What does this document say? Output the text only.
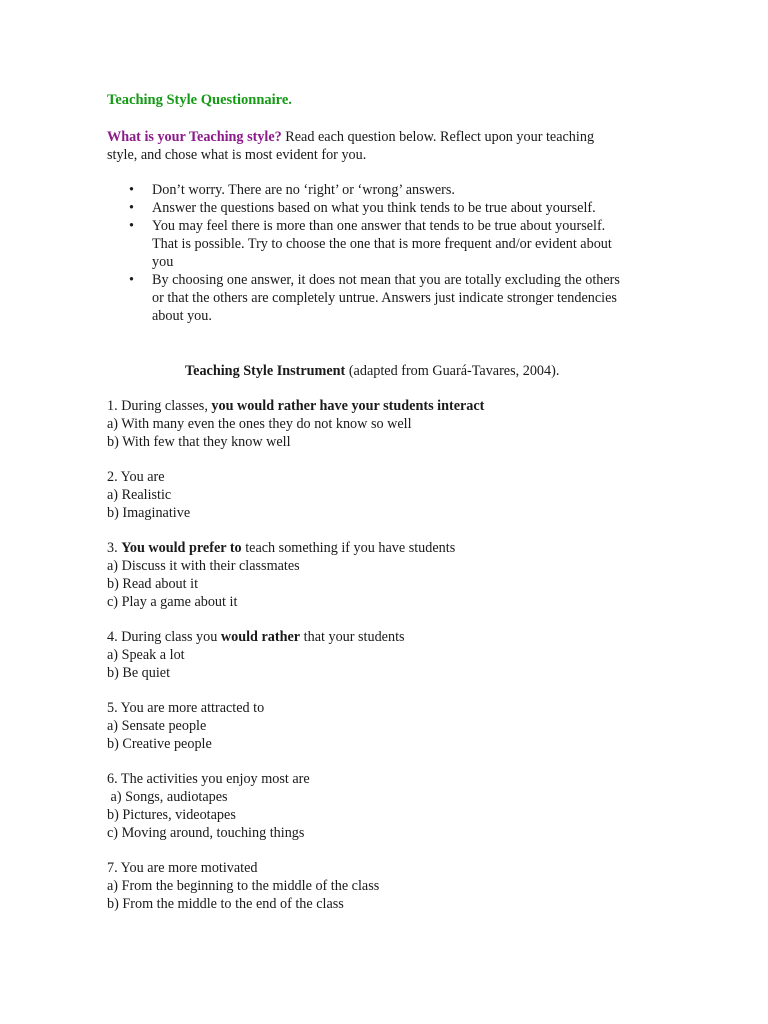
Teaching Style Questionnaire.

What is your Teaching style? Read each question below. Reflect upon your teaching
style, and chose what is most evident for you.
• Don’t worry. There are no ‘right’ or ‘wrong’ answers.
• Answer the questions based on what you think tends to be true about yourself.
• You may feel there is more than one answer that tends to be true about yourself.
That is possible. Try to choose the one that is more frequent and/or evident about
you
• By choosing one answer, it does not mean that you are totally excluding the others
or that the others are completely untrue. Answers just indicate stronger tendencies
about you.
Teaching Style Instrument (adapted from Guará-Tavares, 2004).
1. During classes, you would rather have your students interact
a) With many even the ones they do not know so well
b) With few that they know well
2. You are
a) Realistic
b) Imaginative
3. You would prefer to teach something if you have students
a) Discuss it with their classmates
b) Read about it
c) Play a game about it
4. During class you would rather that your students
a) Speak a lot
b) Be quiet
5. You are more attracted to
a) Sensate people
b) Creative people
6. The activities you enjoy most are
a) Songs, audiotapes
b) Pictures, videotapes
c) Moving around, touching things
7. You are more motivated
a) From the beginning to the middle of the class
b) From the middle to the end of the class
